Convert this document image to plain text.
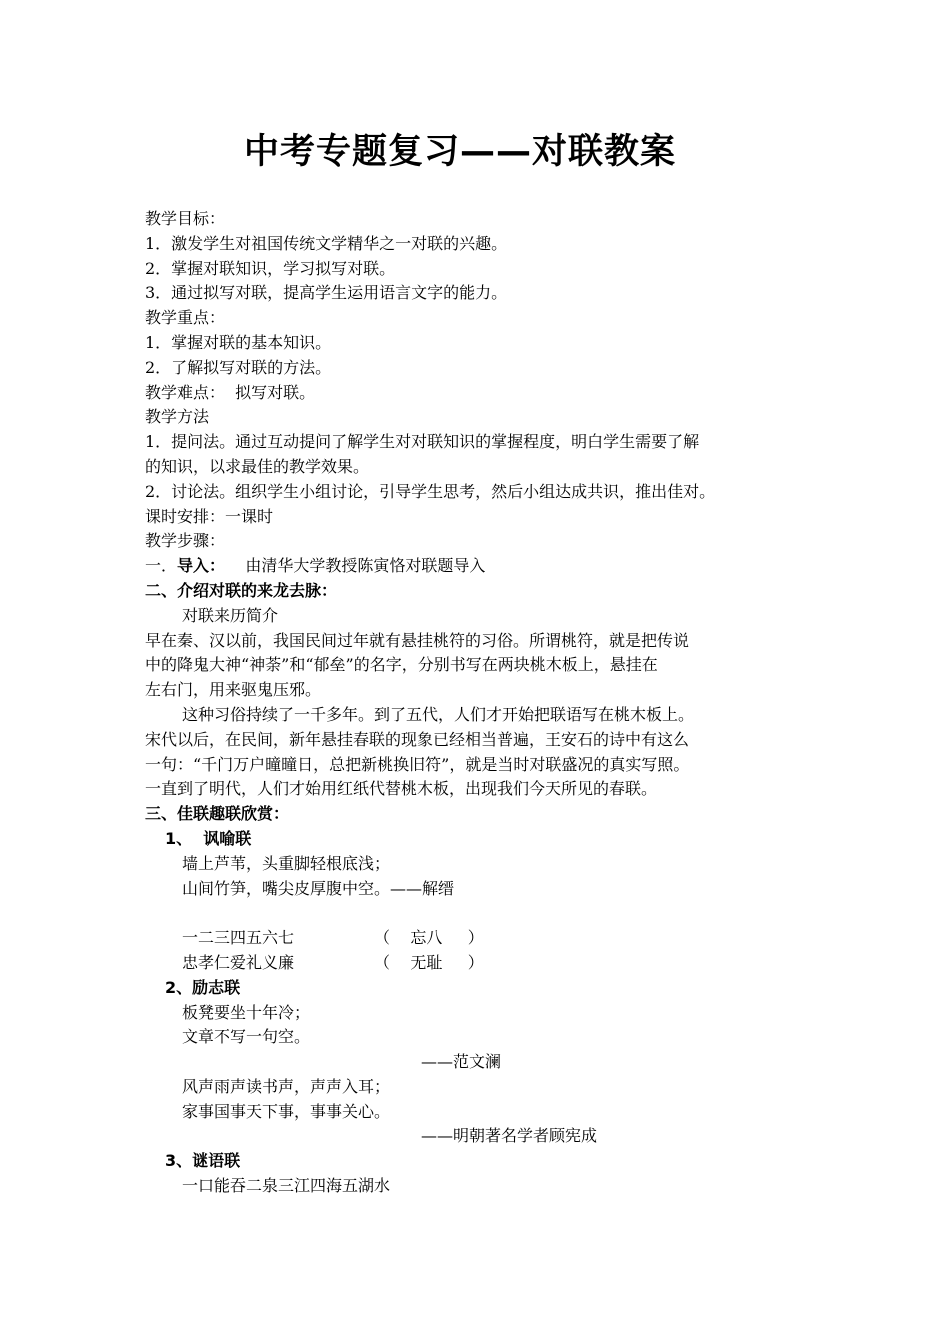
中考专题复习——对联教案
教学目标：
1．激发学生对祖国传统文学精华之一对联的兴趣。
2．掌握对联知识，学习拟写对联。
3．通过拟写对联，提高学生运用语言文字的能力。
教学重点：
1．掌握对联的基本知识。
2．了解拟写对联的方法。
教学难点：  拟写对联。
教学方法
1．提问法。通过互动提问了解学生对对联知识的掌握程度，明白学生需要了解
的知识，以求最佳的教学效果。
2．讨论法。组织学生小组讨论，引导学生思考，然后小组达成共识，推出佳对。
课时安排：一课时
教学步骤：
一．导入：    由清华大学教授陈寅恪对联题导入
二、介绍对联的来龙去脉：
对联来历简介
早在秦、汉以前，我国民间过年就有悬挂桃符的习俗。所谓桃符，就是把传说
中的降鬼大神“神荼”和“郁垒”的名字，分别书写在两块桃木板上，悬挂在
左右门，用来驱鬼压邪。
这种习俗持续了一千多年。到了五代，人们才开始把联语写在桃木板上。
宋代以后，在民间，新年悬挂春联的现象已经相当普遍，王安石的诗中有这么
一句：“千门万户曈曈日，总把新桃换旧符”，就是当时对联盛况的真实写照。
一直到了明代，人们才始用红纸代替桃木板，出现我们今天所见的春联。
三、佳联趣联欣赏：
1、  讽喻联
墙上芦苇，头重脚轻根底浅；
山间竹笋，嘴尖皮厚腹中空。——解缙
一二三四五六七	（    忘八     ）
忠孝仁爱礼义廉	（    无耻     ）
2、励志联
板凳要坐十年冷；
文章不写一句空。
——范文澜
风声雨声读书声，声声入耳；
家事国事天下事，事事关心。
——明朝著名学者顾宪成
3、谜语联
一口能吞二泉三江四海五湖水
